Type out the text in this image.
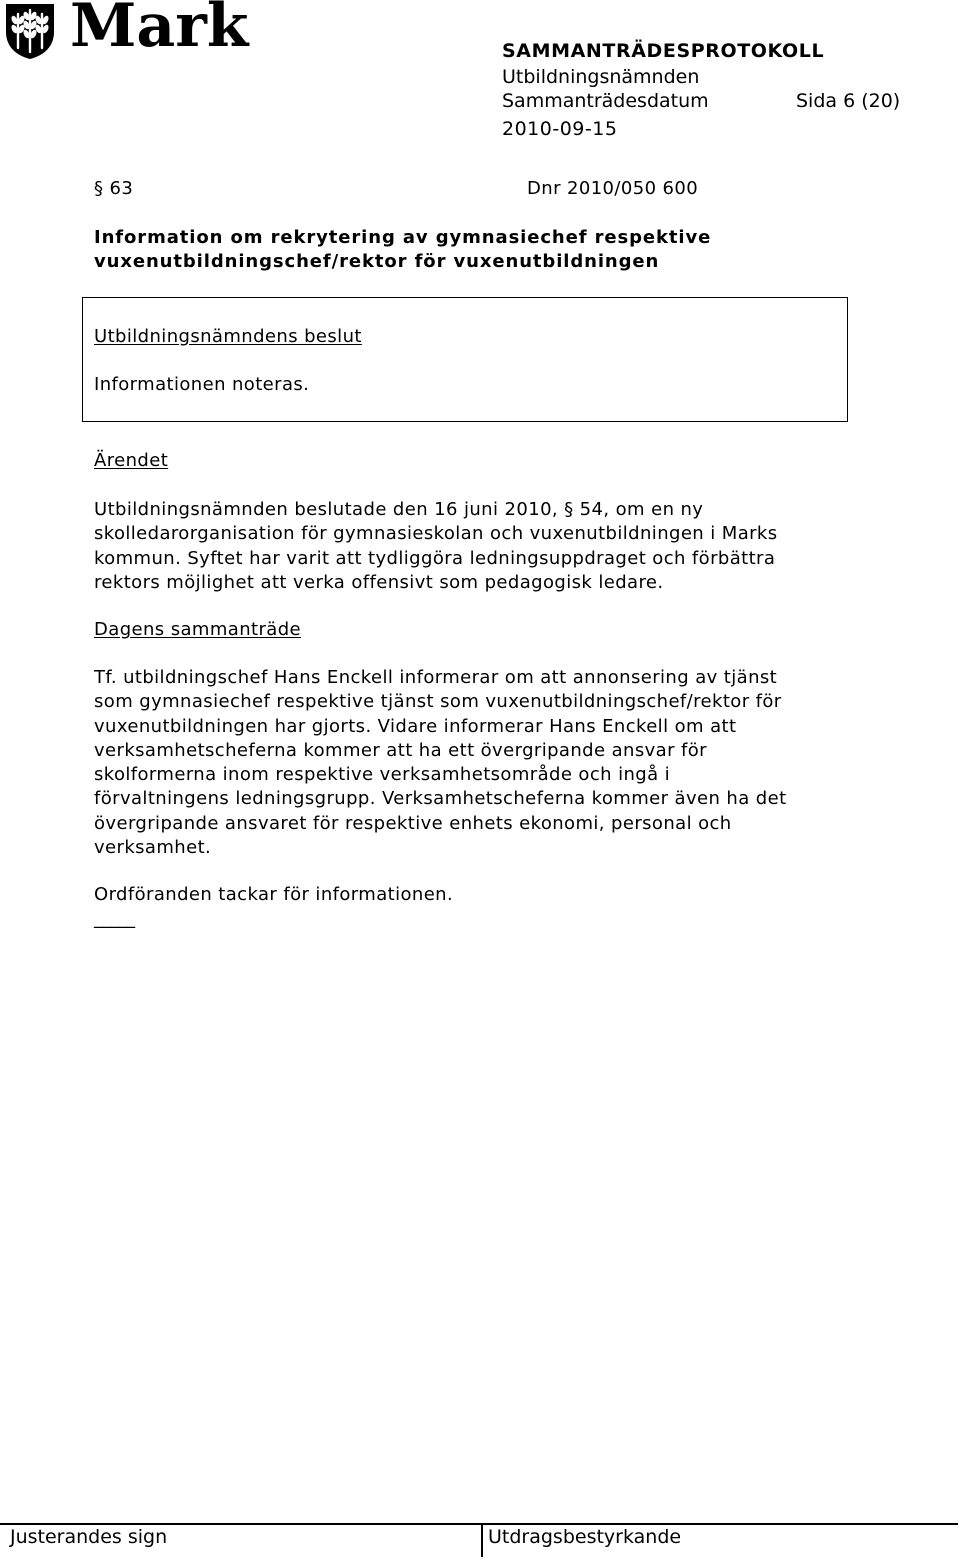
Mark	SAMMANTRÄDESPROTOKOLL
Utbildningsnämnden
Sammanträdesdatum	Sida 6 (20)
2010-09-15
§ 63	Dnr 2010/050 600
Information om rekrytering av gymnasiechef respektive
vuxenutbildningschef/rektor för vuxenutbildningen
Utbildningsnämndens beslut
Informationen noteras.
Ärendet
Utbildningsnämnden beslutade den 16 juni 2010, § 54, om en ny
skolledarorganisation för gymnasieskolan och vuxenutbildningen i Marks
kommun. Syftet har varit att tydliggöra ledningsuppdraget och förbättra
rektors möjlighet att verka offensivt som pedagogisk ledare.
Dagens sammanträde
Tf. utbildningschef Hans Enckell informerar om att annonsering av tjänst
som gymnasiechef respektive tjänst som vuxenutbildningschef/rektor för
vuxenutbildningen har gjorts. Vidare informerar Hans Enckell om att
verksamhetscheferna kommer att ha ett övergripande ansvar för
skolformerna inom respektive verksamhetsområde och ingå i
förvaltningens ledningsgrupp. Verksamhetscheferna kommer även ha det
övergripande ansvaret för respektive enhets ekonomi, personal och
verksamhet.
Ordföranden tackar för informationen.
_____
Justerandes sign	Utdragsbestyrkande
